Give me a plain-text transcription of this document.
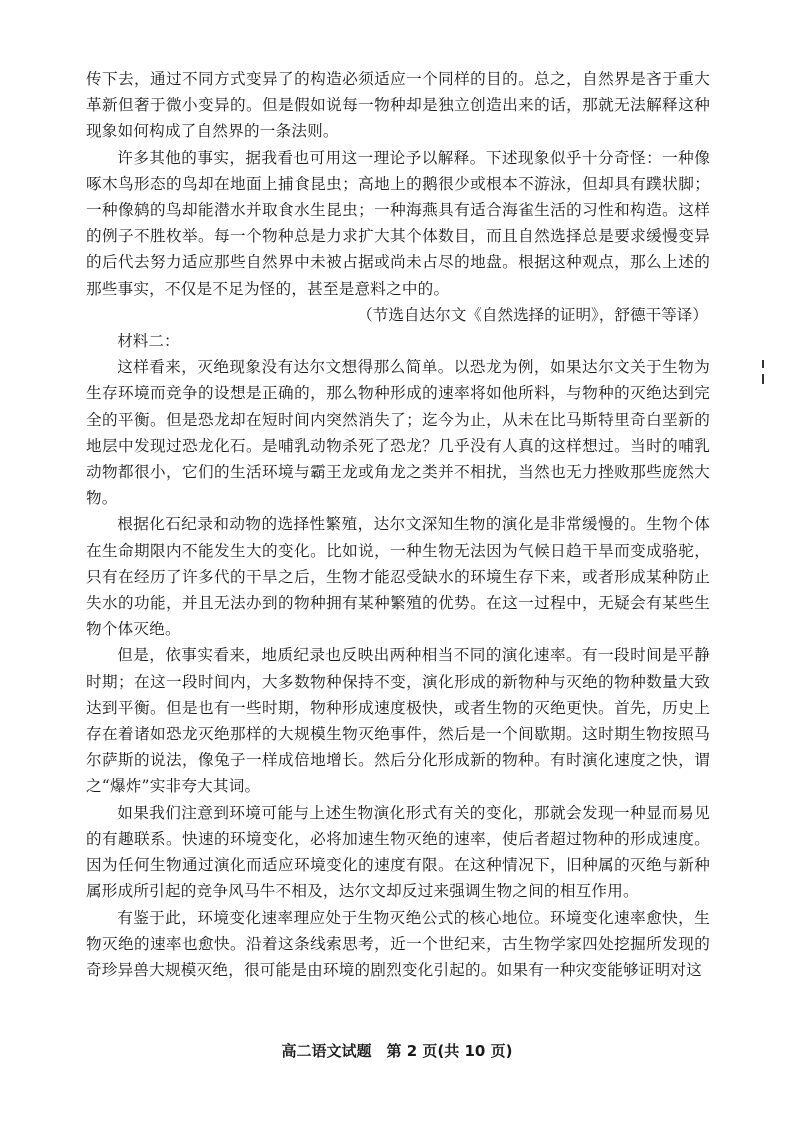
传下去，通过不同方式变异了的构造必须适应一个同样的目的。总之，自然界是吝于重大革新但奢于微小变异的。但是假如说每一物种却是独立创造出来的话，那就无法解释这种现象如何构成了自然界的一条法则。

许多其他的事实，据我看也可用这一理论予以解释。下述现象似乎十分奇怪：一种像啄木鸟形态的鸟却在地面上捕食昆虫；高地上的鹅很少或根本不游泳，但却具有蹼状脚；一种像鸫的鸟却能潜水并取食水生昆虫；一种海燕具有适合海雀生活的习性和构造。这样的例子不胜枚举。每一个物种总是力求扩大其个体数目，而且自然选择总是要求缓慢变异的后代去努力适应那些自然界中未被占据或尚未占尽的地盘。根据这种观点，那么上述的那些事实，不仅是不足为怪的，甚至是意料之中的。

（节选自达尔文《自然选择的证明》，舒德干等译）

材料二：

这样看来，灭绝现象没有达尔文想得那么简单。以恐龙为例，如果达尔文关于生物为生存环境而竞争的设想是正确的，那么物种形成的速率将如他所料，与物种的灭绝达到完全的平衡。但是恐龙却在短时间内突然消失了；迄今为止，从未在比马斯特里奇白垩新的地层中发现过恐龙化石。是哺乳动物杀死了恐龙？几乎没有人真的这样想过。当时的哺乳动物都很小，它们的生活环境与霸王龙或角龙之类并不相扰，当然也无力挫败那些庞然大物。

根据化石纪录和动物的选择性繁殖，达尔文深知生物的演化是非常缓慢的。生物个体在生命期限内不能发生大的变化。比如说，一种生物无法因为气候日趋干旱而变成骆驼，只有在经历了许多代的干旱之后，生物才能忍受缺水的环境生存下来，或者形成某种防止失水的功能，并且无法办到的物种拥有某种繁殖的优势。在这一过程中，无疑会有某些生物个体灭绝。

但是，依事实看来，地质纪录也反映出两种相当不同的演化速率。有一段时间是平静时期；在这一段时间内，大多数物种保持不变，演化形成的新物种与灭绝的物种数量大致达到平衡。但是也有一些时期，物种形成速度极快，或者生物的灭绝更快。首先，历史上存在着诸如恐龙灭绝那样的大规模生物灭绝事件，然后是一个间歇期。这时期生物按照马尔萨斯的说法，像兔子一样成倍地增长。然后分化形成新的物种。有时演化速度之快，谓之“爆炸”实非夸大其词。

如果我们注意到环境可能与上述生物演化形式有关的变化，那就会发现一种显而易见的有趣联系。快速的环境变化，必将加速生物灭绝的速率，使后者超过物种的形成速度。因为任何生物通过演化而适应环境变化的速度有限。在这种情况下，旧种属的灭绝与新种属形成所引起的竞争风马牛不相及，达尔文却反过来强调生物之间的相互作用。

有鉴于此，环境变化速率理应处于生物灭绝公式的核心地位。环境变化速率愈快，生物灭绝的速率也愈快。沿着这条线索思考，近一个世纪来，古生物学家四处挖掘所发现的奇珍异兽大规模灭绝，很可能是由环境的剧烈变化引起的。如果有一种灾变能够证明对这

高二语文试题　第 2 页(共 10 页)
